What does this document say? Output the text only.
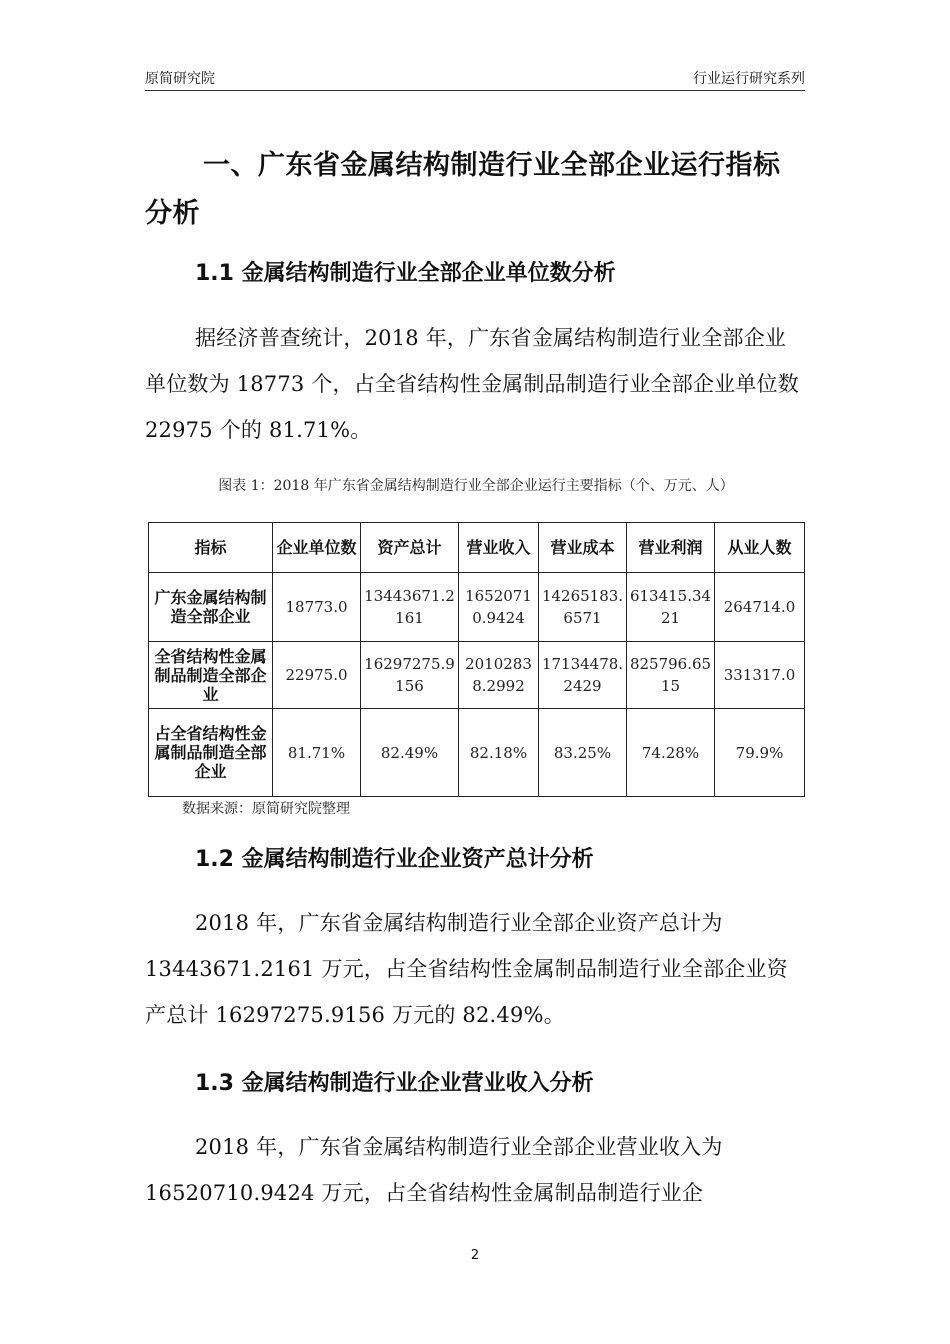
原简研究院	行业运行研究系列
一、广东省金属结构制造行业全部企业运行指标分析
1.1 金属结构制造行业全部企业单位数分析
据经济普查统计，2018 年，广东省金属结构制造行业全部企业单位数为 18773 个，占全省结构性金属制品制造行业全部企业单位数 22975 个的 81.71%。
图表 1：2018 年广东省金属结构制造行业全部企业运行主要指标（个、万元、人）
指标	企业单位数	资产总计	营业收入	营业成本	营业利润	从业人数
广东金属结构制造全部企业	18773.0	13443671.2161	16520710.9424	14265183.6571	613415.3421	264714.0
全省结构性金属制品制造全部企业	22975.0	16297275.9156	20102838.2992	17134478.2429	825796.6515	331317.0
占全省结构性金属制品制造全部企业	81.71%	82.49%	82.18%	83.25%	74.28%	79.9%
数据来源：原简研究院整理
1.2 金属结构制造行业企业资产总计分析
2018 年，广东省金属结构制造行业全部企业资产总计为 13443671.2161 万元，占全省结构性金属制品制造行业全部企业资产总计 16297275.9156 万元的 82.49%。
1.3 金属结构制造行业企业营业收入分析
2018 年，广东省金属结构制造行业全部企业营业收入为 16520710.9424 万元，占全省结构性金属制品制造行业企
2
